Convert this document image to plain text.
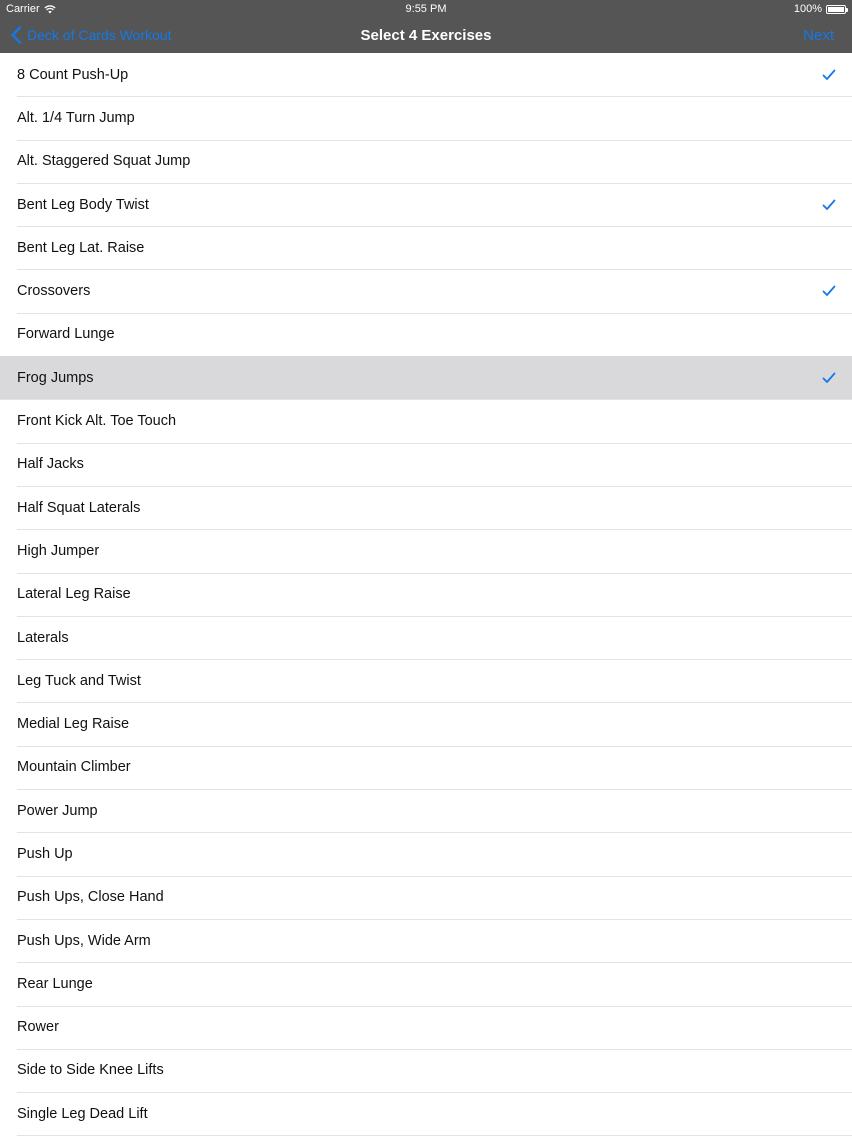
Carrier	9:55 PM	100%
Deck of Cards Workout	Select 4 Exercises	Next
8 Count Push-Up
Alt. 1/4 Turn Jump
Alt. Staggered Squat Jump
Bent Leg Body Twist
Bent Leg Lat. Raise
Crossovers
Forward Lunge
Frog Jumps
Front Kick Alt. Toe Touch
Half Jacks
Half Squat Laterals
High Jumper
Lateral Leg Raise
Laterals
Leg Tuck and Twist
Medial Leg Raise
Mountain Climber
Power Jump
Push Up
Push Ups, Close Hand
Push Ups, Wide Arm
Rear Lunge
Rower
Side to Side Knee Lifts
Single Leg Dead Lift
